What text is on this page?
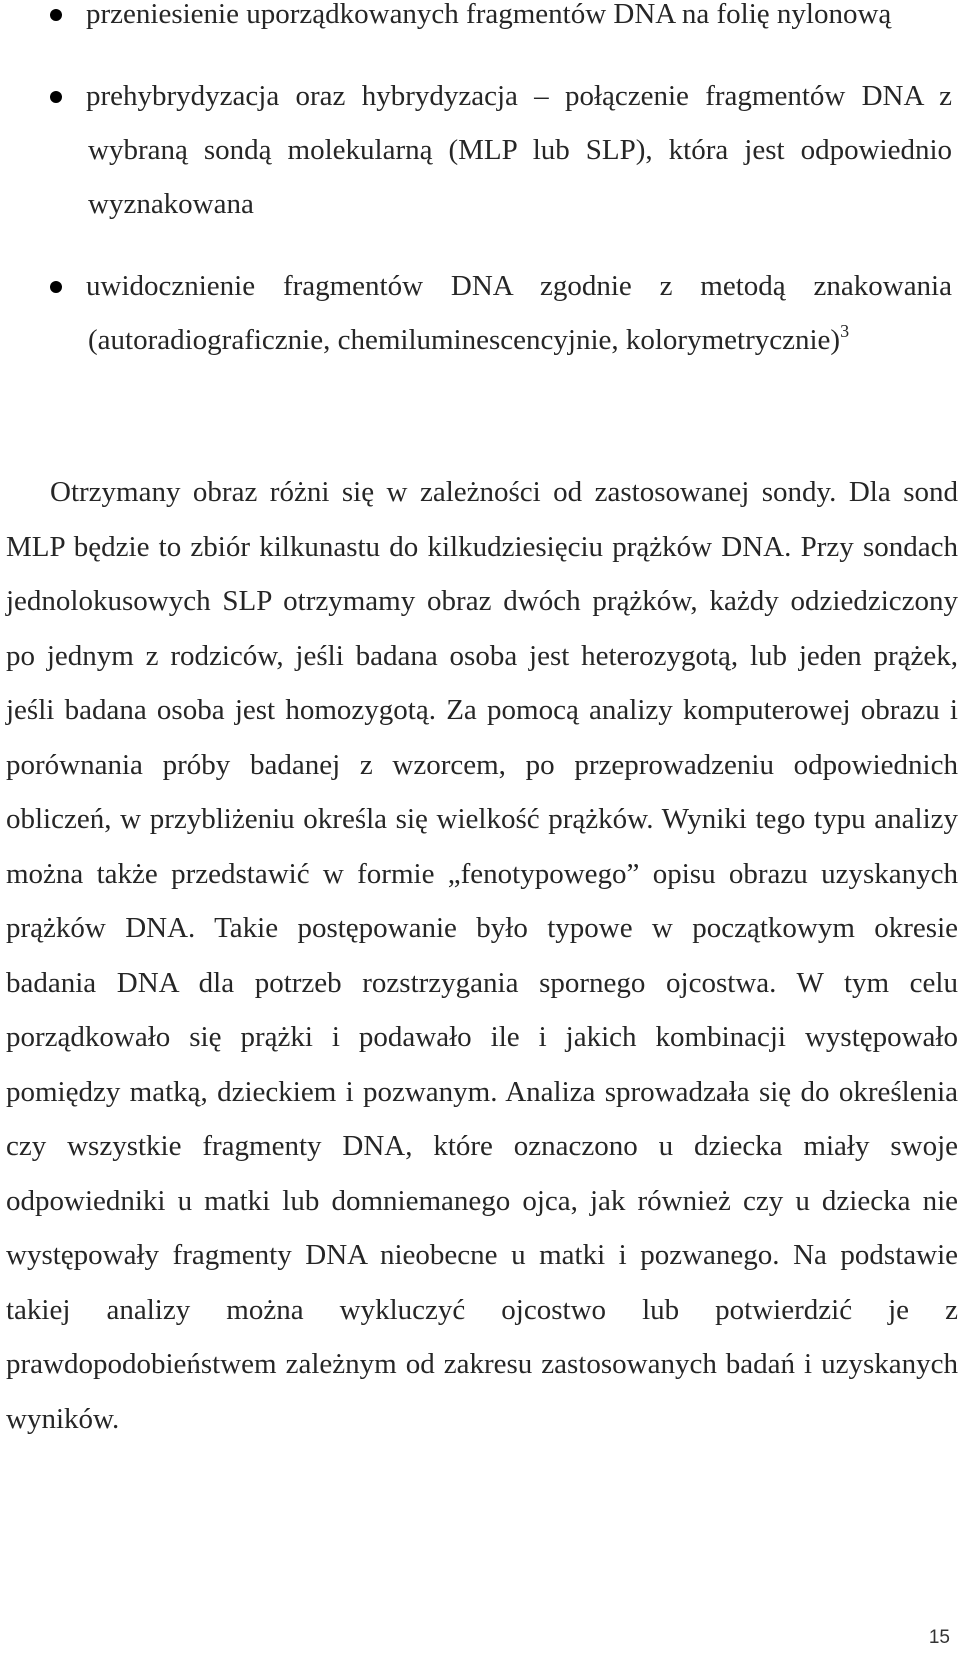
przeniesienie uporządkowanych fragmentów DNA na folię nylonową
prehybrydyzacja oraz hybrydyzacja – połączenie fragmentów DNA z wybraną sondą molekularną (MLP lub SLP), która jest odpowiednio wyznakowana
uwidocznienie fragmentów DNA zgodnie z metodą znakowania (autoradiograficznie, chemiluminescencyjnie, kolorymetrycznie)$^3$

Otrzymany obraz różni się w zależności od zastosowanej sondy. Dla sond MLP będzie to zbiór kilkunastu do kilkudziesięciu prążków DNA. Przy sondach jednolokusowych SLP otrzymamy obraz dwóch prążków, każdy odziedziczony po jednym z rodziców, jeśli badana osoba jest heterozygotą, lub jeden prążek, jeśli badana osoba jest homozygotą. Za pomocą analizy komputerowej obrazu i porównania próby badanej z wzorcem, po przeprowadzeniu odpowiednich obliczeń, w przybliżeniu określa się wielkość prążków. Wyniki tego typu analizy można także przedstawić w formie „fenotypowego” opisu obrazu uzyskanych prążków DNA. Takie postępowanie było typowe w początkowym okresie badania DNA dla potrzeb rozstrzygania spornego ojcostwa. W tym celu porządkowało się prążki i podawało ile i jakich kombinacji występowało pomiędzy matką, dzieckiem i pozwanym. Analiza sprowadzała się do określenia czy wszystkie fragmenty DNA, które oznaczono u dziecka miały swoje odpowiedniki u matki lub domniemanego ojca, jak również czy u dziecka nie występowały fragmenty DNA nieobecne u matki i pozwanego. Na podstawie takiej analizy można wykluczyć ojcostwo lub potwierdzić je z prawdopodobieństwem zależnym od zakresu zastosowanych badań i uzyskanych wyników.

15
